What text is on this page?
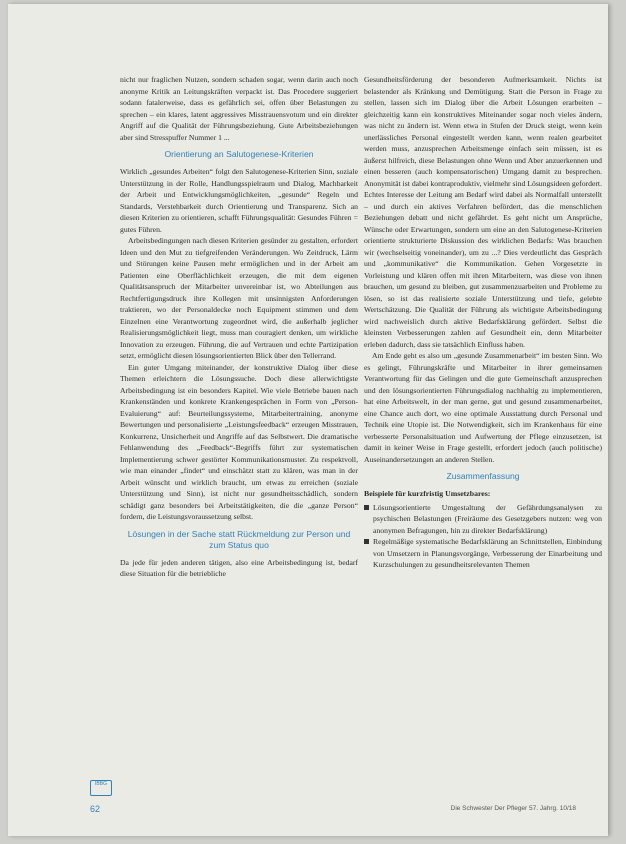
nicht nur fraglichen Nutzen, sondern schaden sogar, wenn darin auch noch anonyme Kritik an Leitungskräften verpackt ist. Das Procedere suggeriert sodann fatalerweise, dass es gefährlich sei, offen über Belastungen zu sprechen – ein klares, latent aggressives Misstrauensvotum und ein direkter Angriff auf die Qualität der Führungsbeziehung. Gute Arbeitsbeziehungen aber sind Stresspuffer Nummer 1 ...

Orientierung an Salutogenese-Kriterien

Wirklich „gesundes Arbeiten“ folgt den Salutogenese-Kriterien Sinn, soziale Unterstützung in der Rolle, Handlungsspielraum und Dialog, Machbarkeit der Arbeit und Entwicklungsmöglichkeiten, „gesunde“ Regeln und Standards, Verstehbarkeit durch Orientierung und Transparenz. Sich an diesen Kriterien zu orientieren, schafft Führungsqualität: Gesundes Führen = gutes Führen.

Arbeitsbedingungen nach diesen Kriterien gesünder zu gestalten, erfordert Ideen und den Mut zu tiefgreifenden Veränderungen. Wo Zeitdruck, Lärm und Störungen keine Pausen mehr ermöglichen und in der Arbeit am Patienten eine Oberflächlichkeit erzeugen, die mit dem eigenen Qualitätsanspruch der Mitarbeiter unvereinbar ist, wo Abteilungen aus Rechtfertigungsdruck ihre Kollegen mit unsinnigsten Anforderungen traktieren, wo der Personaldecke noch Equipment stimmen und dem Einzelnen eine Verantwortung zugeordnet wird, die außerhalb jeglicher Realisierungsmöglichkeit liegt, muss man couragiert denken, um wirkliche Innovation zu erzeugen. Führung, die auf Vertrauen und echte Partizipation setzt, ermöglicht diesen lösungsorientierten Blick über den Tellerrand.

Ein guter Umgang miteinander, der konstruktive Dialog über diese Themen erleichtern die Lösungssuche. Doch diese allerwichtigste Arbeitsbedingung ist ein besonders Kapitel. Wie viele Betriebe bauen nach Krankenständen und konkrete Krankengesprächen in Form von „Person-Evaluierung“ auf: Beurteilungssysteme, Mitarbeitertraining, anonyme Bewertungen und personalisierte „Leistungsfeedback“ erzeugen Misstrauen, Konkurrenz, Unsicherheit und Angriffe auf das Selbstwert. Die dramatische Fehlanwendung des „Feedback“-Begriffs führt zur systematischen Implementierung schwer gestörter Kommunikationsmuster. Zu respektvoll, wie man einander „findet“ und einschätzt statt zu klären, was man in der Arbeit wünscht und wirklich braucht, um etwas zu erreichen (soziale Unterstützung und Sinn), ist nicht nur gesundheitsschädlich, sondern schädigt ganz besonders bei Arbeitstätigkeiten, die die „ganze Person“ fordern, die Leistungsvoraussetzung selbst.

Lösungen in der Sache statt Rückmeldung zur Person und zum Status quo

Da jede für jeden anderen tätigen, also eine Arbeitsbedingung ist, bedarf diese Situation für die betriebliche

Gesundheitsförderung der besonderen Aufmerksamkeit. Nichts ist belastender als Kränkung und Demütigung. Statt die Person in Frage zu stellen, lassen sich im Dialog über die Arbeit Lösungen erarbeiten – gleichzeitig kann ein konstruktives Miteinander sogar noch vieles ändern, was nicht zu ändern ist. Wenn etwa in Stufen der Druck steigt, wenn kein unerlässliches Personal eingestellt werden kann, wenn realen gearbeitet werden muss, anzusprechen Arbeitsmenge einfach sein müssen, ist es äußerst hilfreich, diese Belastungen ohne Wenn und Aber anzuerkennen und einen besseren (auch kompensatorischen) Umgang damit zu besprechen. Anonymität ist dabei kontraproduktiv, vielmehr sind Lösungsideen gefordert. Echtes Interesse der Leitung am Bedarf wird dabei als Normalfall unterstellt – und durch ein aktives Verfahren befördert, das die menschlichen Beziehungen debatt und nicht gefährdet. Es geht nicht um Ansprüche, Wünsche oder Erwartungen, sondern um eine an den Salutogenese-Kriterien orientierte strukturierte Diskussion des wirklichen Bedarfs: Was brauchen wir (wechselseitig voneinander), um zu ...? Dies verdeutlicht das Gespräch und „kommunikative“ die Kommunikation. Gehen Vorgesetzte in Vorleistung und klären offen mit ihren Mitarbeitern, was diese von ihnen brauchen, um gesund zu bleiben, gut zusammenzuarbeiten und Probleme zu lösen, so ist das realisierte soziale Unterstützung und tiefe, gelebte Wertschätzung. Die Qualität der Führung als wichtigste Arbeitsbedingung wird nachweislich durch aktive Bedarfsklärung gefördert. Selbst die kleinsten Verbesserungen zahlen auf Gesundheit ein, denn Mitarbeiter erleben dadurch, dass sie tatsächlich Einfluss haben.

Am Ende geht es also um „gesunde Zusammenarbeit“ im besten Sinn. Wo es gelingt, Führungskräfte und Mitarbeiter in ihrer gemeinsamen Verantwortung für das Gelingen und die gute Gemeinschaft anzusprechen und den lösungsorientierten Führungsdialog nachhaltig zu implementieren, hat eine Arbeitswelt, in der man gerne, gut und gesund zusammenarbeitet, eine Chance auch dort, wo eine optimale Ausstattung durch Personal und Technik eine Utopie ist. Die Notwendigkeit, sich im Krankenhaus für eine verbesserte Personalsituation und Aufwertung der Pflege einzusetzen, ist damit in keiner Weise in Frage gestellt, erfordert jedoch (auch politische) Auseinandersetzungen an anderen Stellen.

Zusammenfassung
Beispiele für kurzfristig Umsetzbares:
Lösungsorientierte Umgestaltung der Gefährdungsanalysen zu psychischen Belastungen (Freiräume des Gesetzgebers nutzen: weg von anonymen Befragungen, hin zu direkter Bedarfsklärung)
Regelmäßige systematische Bedarfsklärung an Schnittstellen, Einbindung von Umsetzern in Planungsvorgänge, Verbesserung der Einarbeitung und Kurzschulungen zu gesundheitsrelevanten Themen
IBBG
62	Die Schwester Der Pfleger 57. Jahrg. 10/18
